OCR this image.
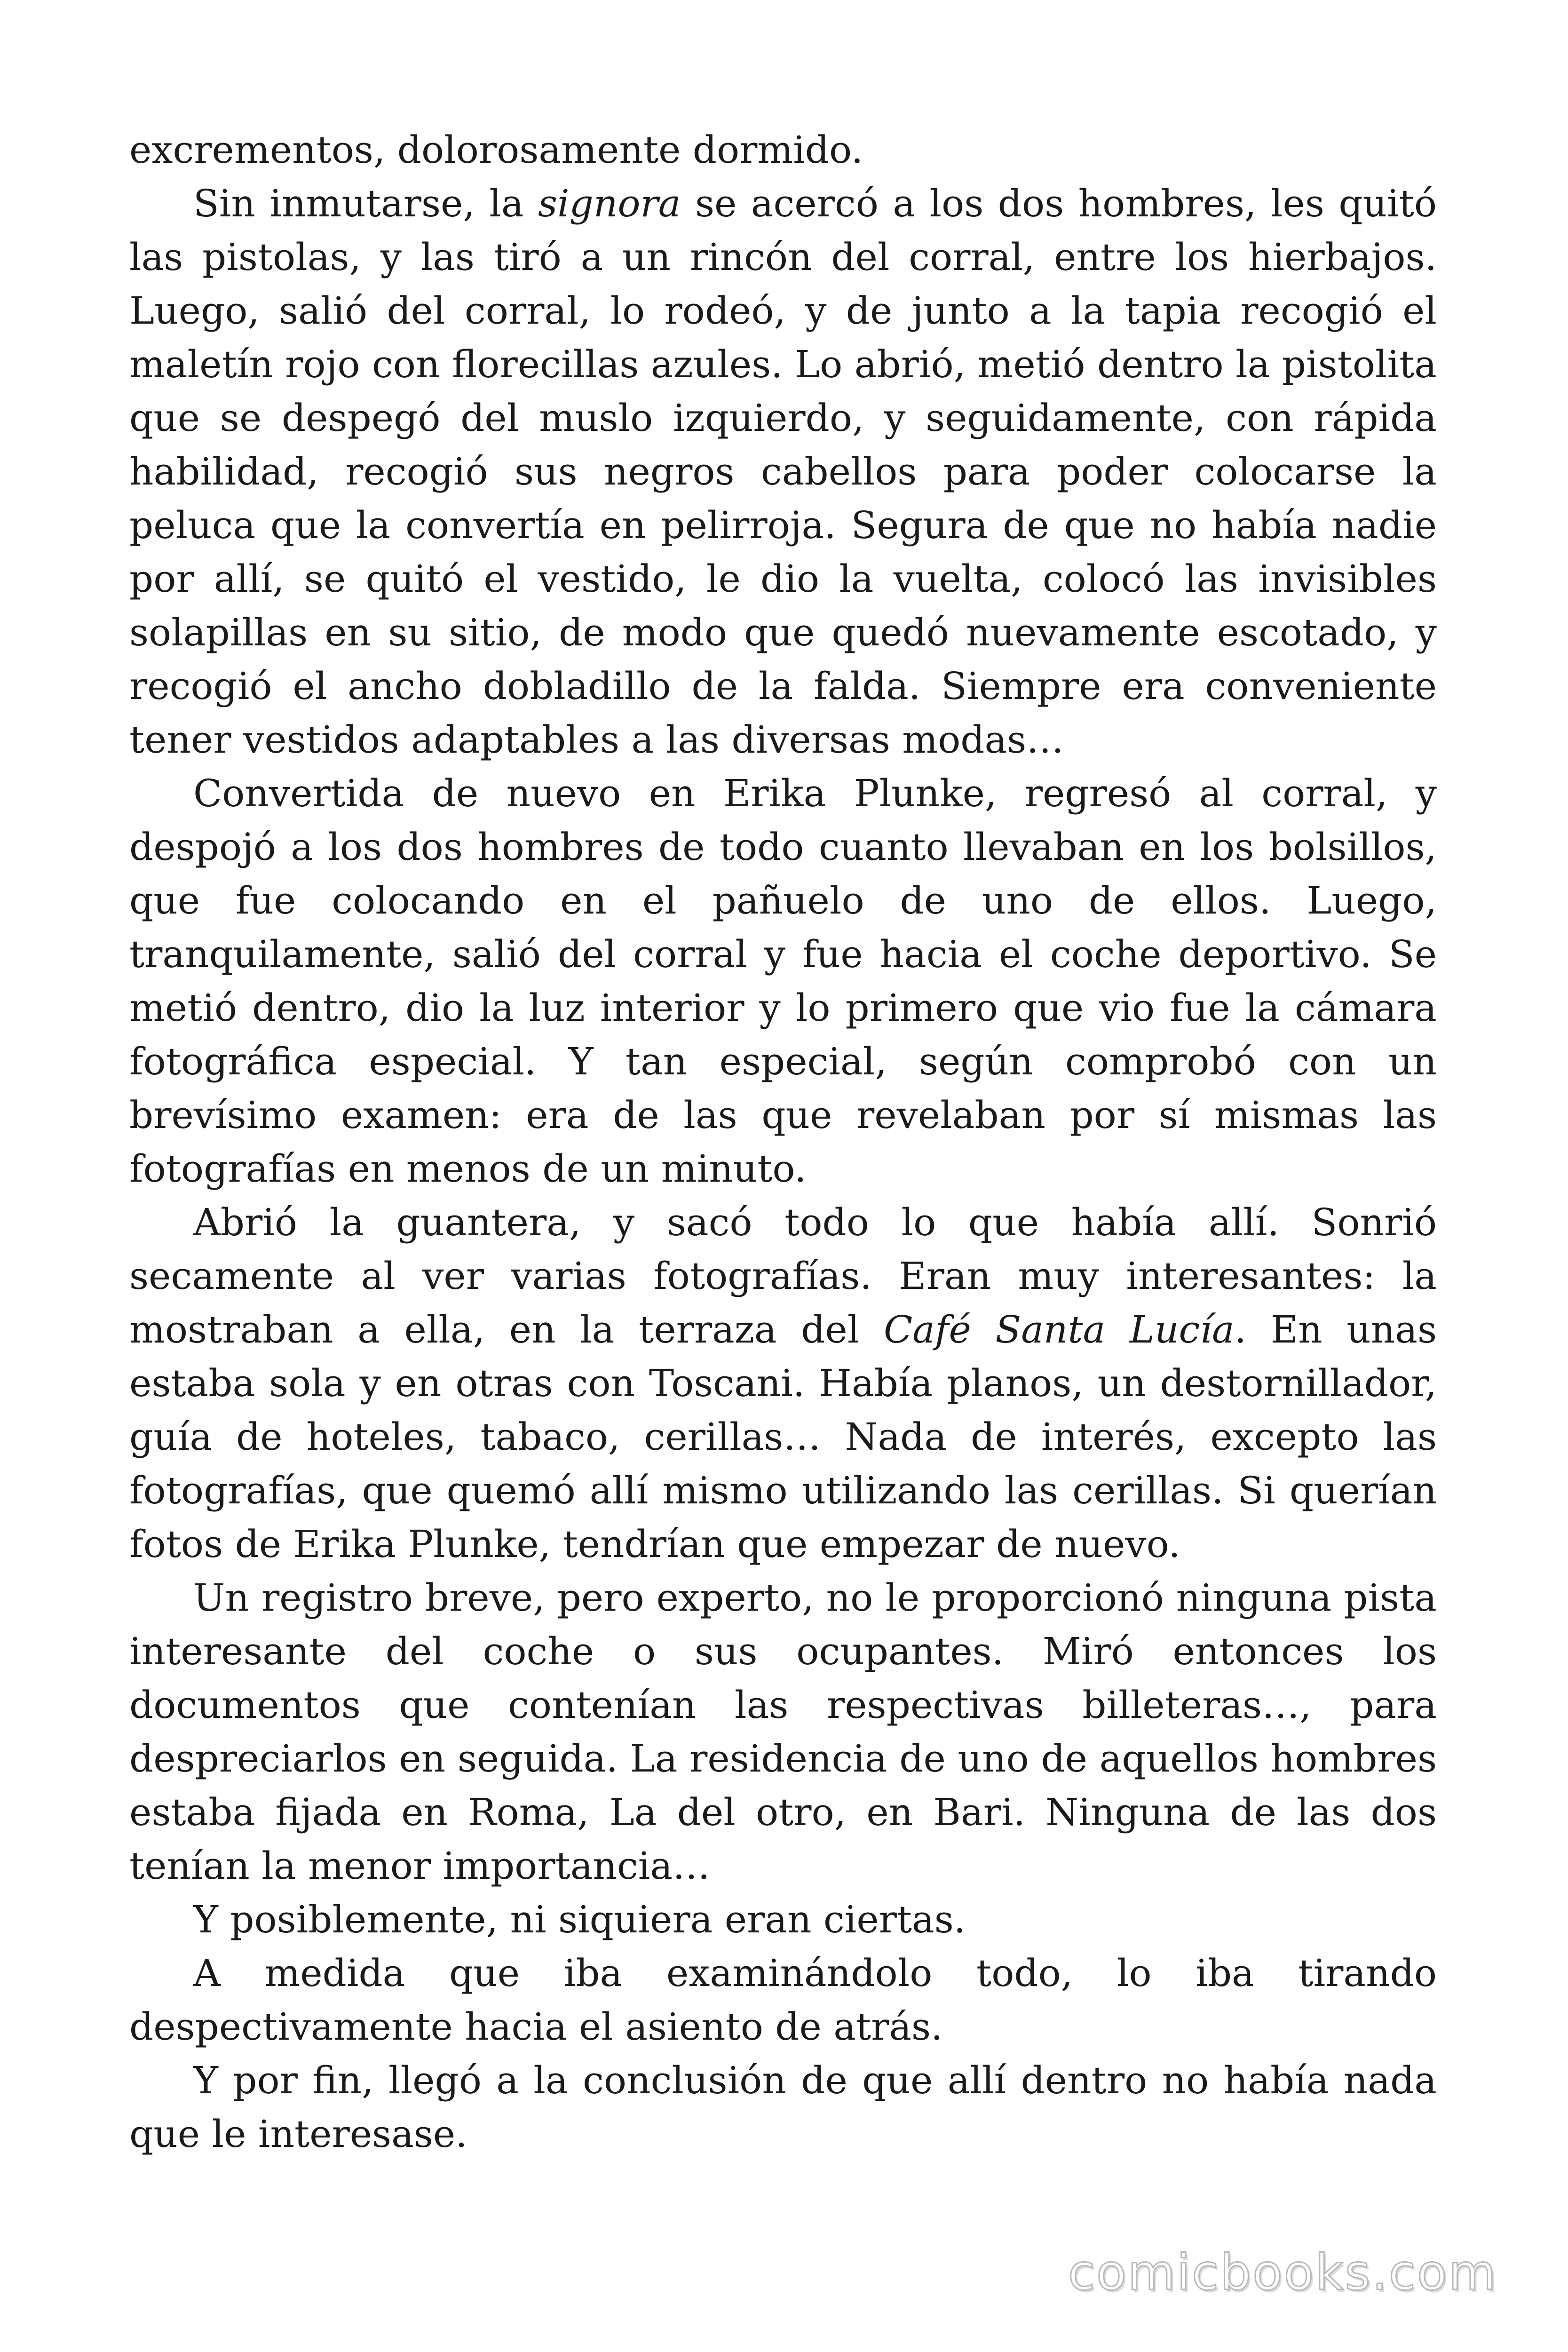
excrementos, dolorosamente dormido.

Sin inmutarse, la signora se acercó a los dos hombres, les quitó las pistolas, y las tiró a un rincón del corral, entre los hierbajos. Luego, salió del corral, lo rodeó, y de junto a la tapia recogió el maletín rojo con florecillas azules. Lo abrió, metió dentro la pistolita que se despegó del muslo izquierdo, y seguidamente, con rápida habilidad, recogió sus negros cabellos para poder colocarse la peluca que la convertía en pelirroja. Segura de que no había nadie por allí, se quitó el vestido, le dio la vuelta, colocó las invisibles solapillas en su sitio, de modo que quedó nuevamente escotado, y recogió el ancho dobladillo de la falda. Siempre era conveniente tener vestidos adaptables a las diversas modas…

Convertida de nuevo en Erika Plunke, regresó al corral, y despojó a los dos hombres de todo cuanto llevaban en los bolsillos, que fue colocando en el pañuelo de uno de ellos. Luego, tranquilamente, salió del corral y fue hacia el coche deportivo. Se metió dentro, dio la luz interior y lo primero que vio fue la cámara fotográfica especial. Y tan especial, según comprobó con un brevísimo examen: era de las que revelaban por sí mismas las fotografías en menos de un minuto.

Abrió la guantera, y sacó todo lo que había allí. Sonrió secamente al ver varias fotografías. Eran muy interesantes: la mostraban a ella, en la terraza del Café Santa Lucía. En unas estaba sola y en otras con Toscani. Había planos, un destornillador, guía de hoteles, tabaco, cerillas… Nada de interés, excepto las fotografías, que quemó allí mismo utilizando las cerillas. Si querían fotos de Erika Plunke, tendrían que empezar de nuevo.

Un registro breve, pero experto, no le proporcionó ninguna pista interesante del coche o sus ocupantes. Miró entonces los documentos que contenían las respectivas billeteras…, para despreciarlos en seguida. La residencia de uno de aquellos hombres estaba fijada en Roma, La del otro, en Bari. Ninguna de las dos tenían la menor importancia…

Y posiblemente, ni siquiera eran ciertas.

A medida que iba examinándolo todo, lo iba tirando despectivamente hacia el asiento de atrás.

Y por fin, llegó a la conclusión de que allí dentro no había nada que le interesase.

comicbooks.com
